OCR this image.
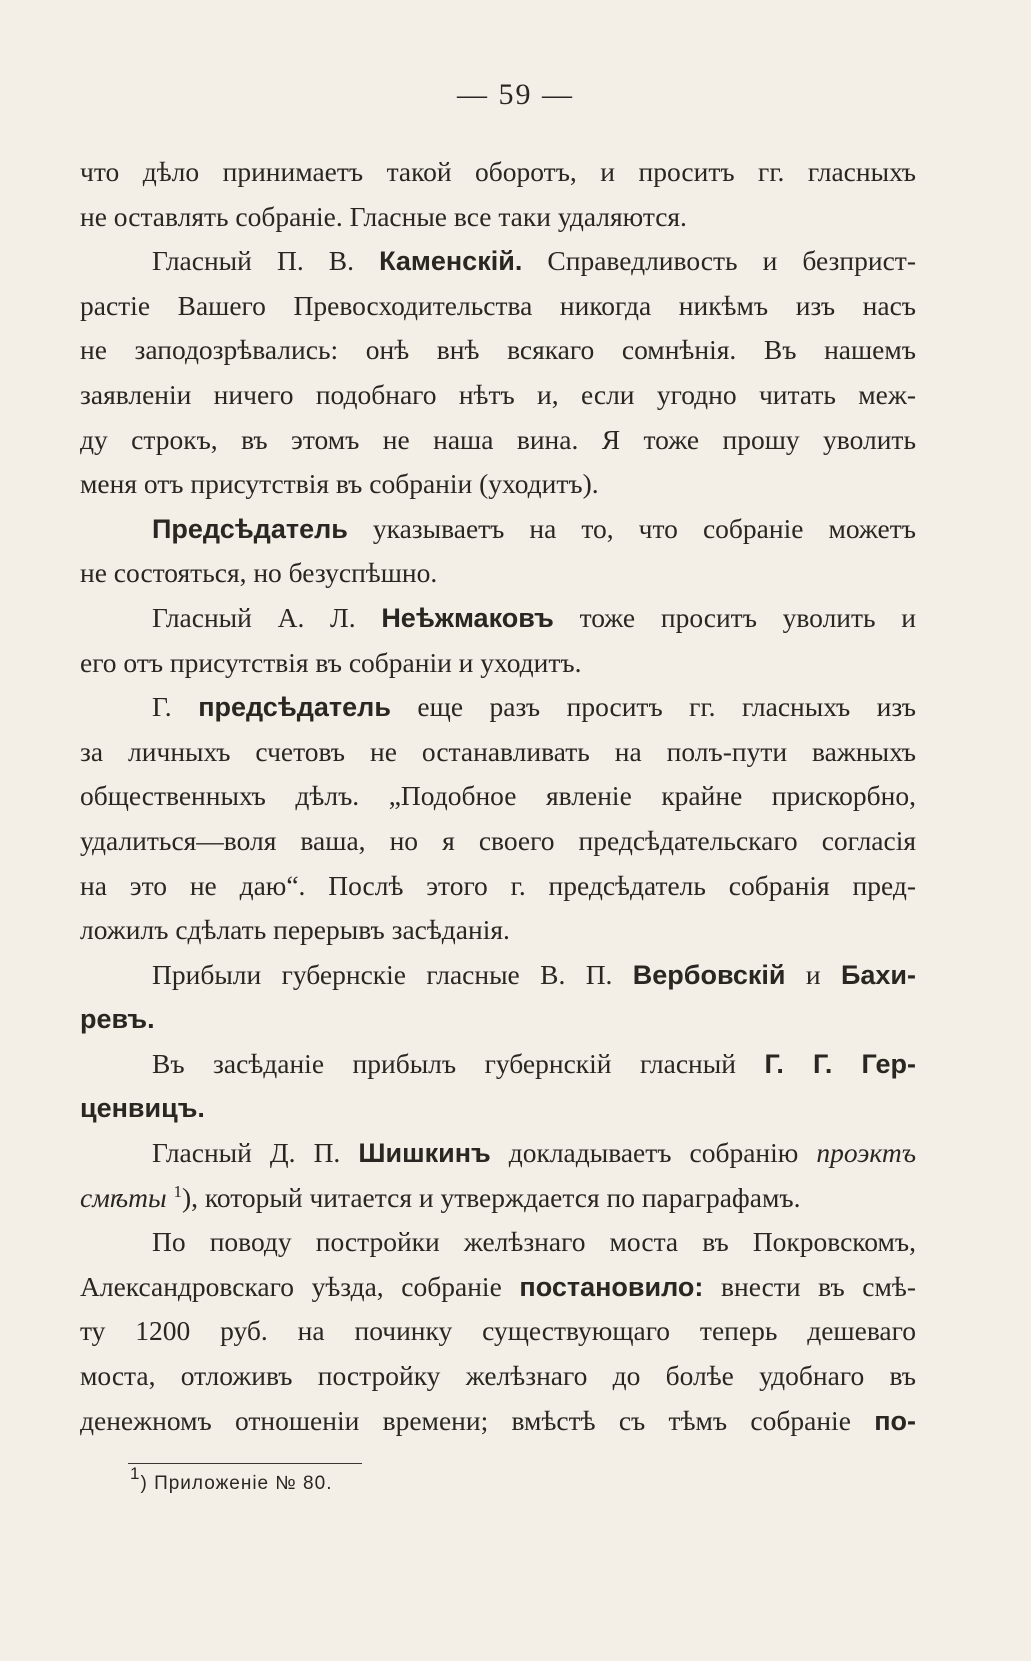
— 59 —
что дѣло принимаетъ такой оборотъ, и проситъ гг. гласныхъ
не оставлять собраніе. Гласные все таки удаляются.
Гласный П. В. Каменскій. Справедливость и безприст-
растіе Вашего Превосходительства никогда никѣмъ изъ насъ
не заподозрѣвались: онѣ внѣ всякаго сомнѣнія. Въ нашемъ
заявленіи ничего подобнаго нѣтъ и, если угодно читать меж-
ду строкъ, въ этомъ не наша вина. Я тоже прошу уволить
меня отъ присутствія въ собраніи (уходитъ).
Предсѣдатель указываетъ на то, что собраніе можетъ
не состояться, но безуспѣшно.
Гласный А. Л. Неѣжмаковъ тоже проситъ уволить и
его отъ присутствія въ собраніи и уходитъ.
Г. предсѣдатель еще разъ проситъ гг. гласныхъ изъ
за личныхъ счетовъ не останавливать на полъ-пути важныхъ
общественныхъ дѣлъ. „Подобное явленіе крайне прискорбно,
удалиться—воля ваша, но я своего предсѣдательскаго согласія
на это не даю“. Послѣ этого г. предсѣдатель собранія пред-
ложилъ сдѣлать перерывъ засѣданія.
Прибыли губернскіе гласные В. П. Вербовскій и Бахи-
ревъ.
Въ засѣданіе прибылъ губернскій гласный Г. Г. Гер-
ценвицъ.
Гласный Д. П. Шишкинъ докладываетъ собранію проэктъ
смѣты $^1$), который читается и утверждается по параграфамъ.
По поводу постройки желѣзнаго моста въ Покровскомъ,
Александровскаго уѣзда, собраніе постановило: внести въ смѣ-
ту 1200 руб. на починку существующаго теперь дешеваго
моста, отложивъ постройку желѣзнаго до болѣе удобнаго въ
денежномъ отношеніи времени; вмѣстѣ съ тѣмъ собраніе по-
$^1$) Приложеніе № 80.
